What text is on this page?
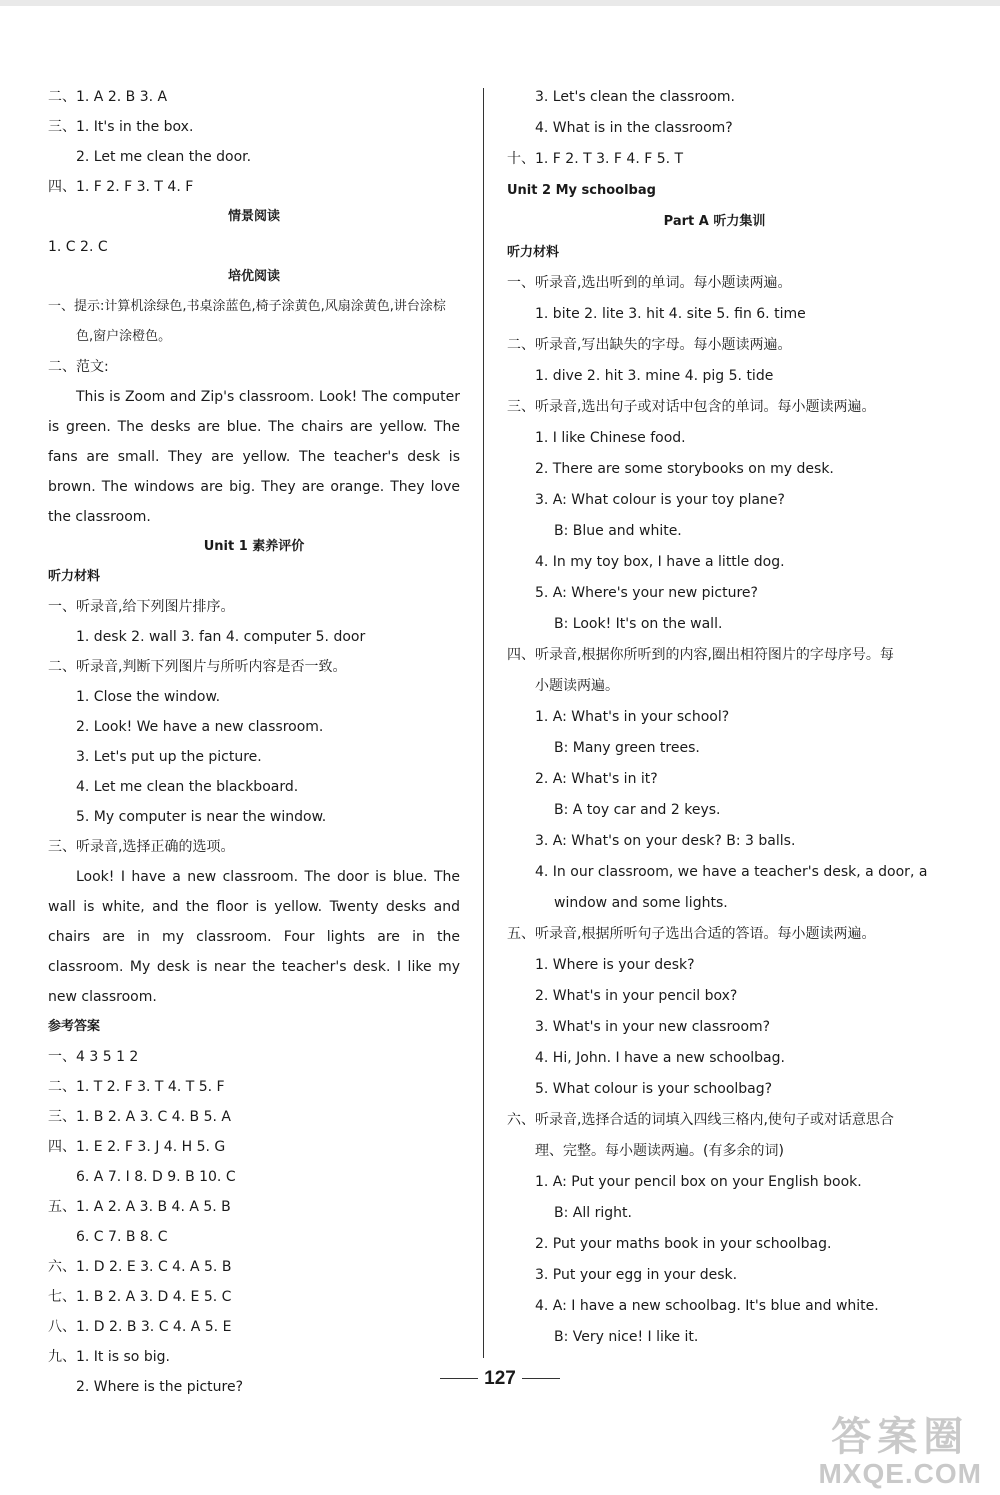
二、1. A 2. B 3. A
三、1. It's in the box.
2. Let me clean the door.
四、1. F 2. F 3. T 4. F
情景阅读
1. C 2. C
培优阅读

一、提示:计算机涂绿色,书桌涂蓝色,椅子涂黄色,风扇涂黄色,讲台涂棕色,窗户涂橙色。

二、范文:

This is Zoom and Zip's classroom. Look! The computer is green. The desks are blue. The chairs are yellow. The fans are small. They are yellow. The teacher's desk is brown. The windows are big. They are orange. They love the classroom.

Unit 1 素养评价
听力材料
一、听录音,给下列图片排序。
1. desk 2. wall 3. fan 4. computer 5. door
二、听录音,判断下列图片与所听内容是否一致。
1. Close the window.
2. Look! We have a new classroom.
3. Let's put up the picture.
4. Let me clean the blackboard.
5. My computer is near the window.
三、听录音,选择正确的选项。

Look! I have a new classroom. The door is blue. The wall is white, and the floor is yellow. Twenty desks and chairs are in my classroom. Four lights are in the classroom. My desk is near the teacher's desk. I like my new classroom.

参考答案
一、4 3 5 1 2
二、1. T 2. F 3. T 4. T 5. F
三、1. B 2. A 3. C 4. B 5. A
四、1. E 2. F 3. J 4. H 5. G
6. A 7. I 8. D 9. B 10. C
五、1. A 2. A 3. B 4. A 5. B
6. C 7. B 8. C
六、1. D 2. E 3. C 4. A 5. B
七、1. B 2. A 3. D 4. E 5. C
八、1. D 2. B 3. C 4. A 5. E
九、1. It is so big.
2. Where is the picture?
3. Let's clean the classroom.
4. What is in the classroom?
十、1. F 2. T 3. F 4. F 5. T
Unit 2 My schoolbag
Part A 听力集训
听力材料
一、听录音,选出听到的单词。每小题读两遍。
1. bite 2. lite 3. hit 4. site 5. fin 6. time
二、听录音,写出缺失的字母。每小题读两遍。
1. dive 2. hit 3. mine 4. pig 5. tide
三、听录音,选出句子或对话中包含的单词。每小题读两遍。
1. I like Chinese food.
2. There are some storybooks on my desk.
3. A: What colour is your toy plane?
B: Blue and white.
4. In my toy box, I have a little dog.
5. A: Where's your new picture?
B: Look! It's on the wall.
四、听录音,根据你所听到的内容,圈出相符图片的字母序号。每
小题读两遍。
1. A: What's in your school?
B: Many green trees.
2. A: What's in it?
B: A toy car and 2 keys.
3. A: What's on your desk? B: 3 balls.
4. In our classroom, we have a teacher's desk, a door, a
window and some lights.
五、听录音,根据所听句子选出合适的答语。每小题读两遍。
1. Where is your desk?
2. What's in your pencil box?
3. What's in your new classroom?
4. Hi, John. I have a new schoolbag.
5. What colour is your schoolbag?
六、听录音,选择合适的词填入四线三格内,使句子或对话意思合
理、完整。每小题读两遍。(有多余的词)
1. A: Put your pencil box on your English book.
B: All right.
2. Put your maths book in your schoolbag.
3. Put your egg in your desk.
4. A: I have a new schoolbag. It's blue and white.
B: Very nice! I like it.
127
答案圈
MXQE.COM
